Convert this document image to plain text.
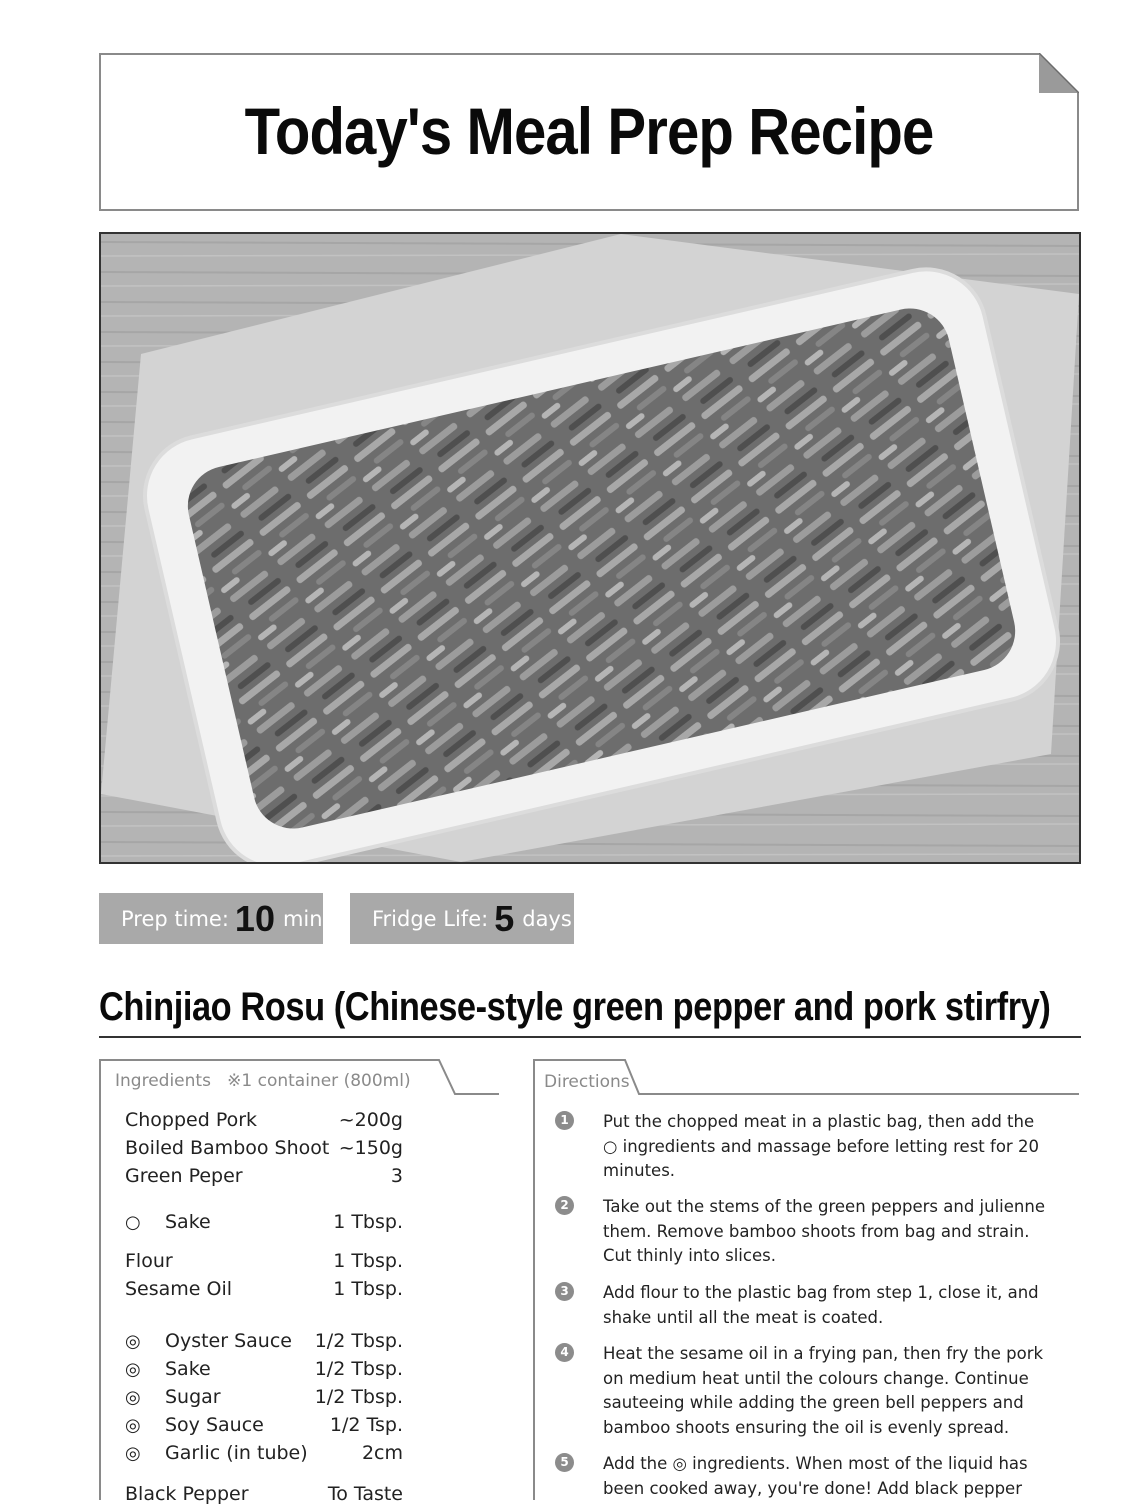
Today's Meal Prep Recipe
Prep time: 10 min Fridge Life: 5 days
Chinjiao Rosu (Chinese-style green pepper and pork stirfry)
Ingredients ※1 container (800ml)
Chopped Pork	~200g
Boiled Bamboo Shoot ~150g
Green Peper	3
○	Sake	1 Tbsp.
Flour	1 Tbsp.
Sesame Oil	1 Tbsp.
◎	Oyster Sauce	1/2 Tbsp.
◎	Sake	1/2 Tbsp.
◎	Sugar	1/2 Tbsp.
◎	Soy Sauce	1/2 Tsp.
◎	Garlic (in tube)	2cm
Black Pepper	To Taste
Directions
1	Put the chopped meat in a plastic bag, then add the ○ ingredients and massage before letting rest for 20 minutes.
2	Take out the stems of the green peppers and julienne them. Remove bamboo shoots from bag and strain. Cut thinly into slices.
3	Add flour to the plastic bag from step 1, close it, and shake until all the meat is coated.
4	Heat the sesame oil in a frying pan, then fry the pork on medium heat until the colours change. Continue sauteeing while adding the green bell peppers and bamboo shoots ensuring the oil is evenly spread.
5	Add the ◎ ingredients. When most of the liquid has been cooked away, you're done! Add black pepper
